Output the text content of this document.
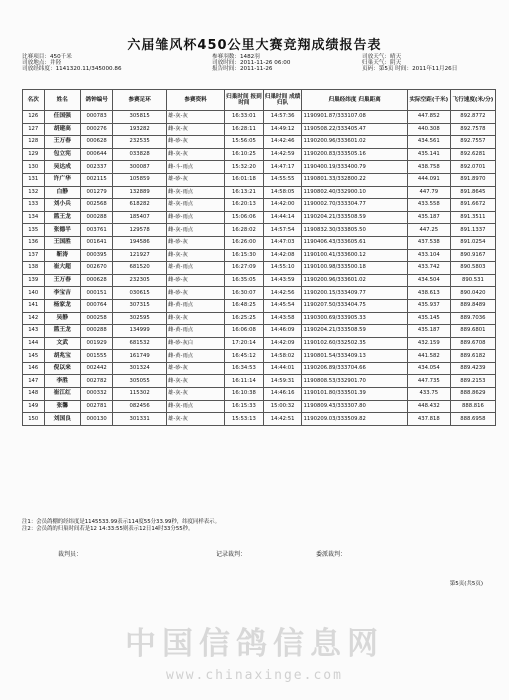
六届雏风杯450公里大赛竞翔成绩报告表
比赛项目：450千米	参赛羽数：1482羽	司放天气：晴天
司放地点：井陉	司放时间：2011-11-26 06:00	归巢天气：阴天
司放经纬度：1141320.11/345000.86	报告时间：2011-11-26	页码：第5页 时间：2011年11月26日
名次	姓名	鸽钟编号	参赛足环	参赛资料	归巢时间 报到时间	归巢时间 成绩归队	归巢经纬度 归巢距离	实际空距(千米)	飞行速度(米/分)
126	任国强	000783	305815	雄-灰-灰	16:33:01	14:57:36	1190901.87/333107.08	447.852	892.8772
127	胡建高	000276	193282	雌-灰-灰	16:28:11	14:49:12	1190508.22/333405.47	440.308	892.7578
128	王万春	000628	232535	雌-砂-灰	15:56:05	14:42:46	1190200.96/333601.02	434.561	892.7557
129	包立宪	000644	033828	雌-灰-灰	16:10:25	14:42:59	1190200.83/333505.16	435.141	892.6281
130	吴达成	002337	300087	雌-斗-雨点	15:32:20	14:47:17	1190400.19/333400.79	438.758	892.0701
131	许广华	002115	105859	雄-砂-灰	16:01:18	14:55:55	1190801.33/332800.22	444.091	891.8970
132	白静	001279	132889	雌-灰-雨点	16:13:21	14:58:05	1190802.40/332900.10	447.79	891.8645
133	刘小兵	002568	618282	雄-灰-雨点	16:20:13	14:42:00	1190002.70/333304.77	433.558	891.6672
134	篮王龙	000288	185407	雌-砂-雨点	15:06:06	14:44:14	1190204.21/333508.59	435.187	891.3511
135	张德半	003761	129578	雌-灰-雨点	16:28:02	14:57:54	1190832.30/333805.50	447.25	891.1337
136	王国胜	001641	194586	雌-砂-灰	16:26:00	14:47:03	1190406.43/333605.61	437.538	891.0254
137	靳涛	000395	121927	雌-灰-灰	16:15:30	14:42:08	1190100.41/333600.12	433.104	890.9167
138	崔大超	002670	681520	雄-黄-雨点	16:27:09	14:55:10	1190100.98/333500.18	433.742	890.5803
139	王万春	000628	232305	雌-砂-灰	16:35:05	14:43:59	1190200.96/333601.02	434.504	890.531
140	李宝吉	000151	030615	雌-砂-灰	16:30:07	14:42:56	1190200.15/333409.77	438.613	890.0420
141	杨家龙	000764	307315	雌-黄-雨点	16:48:25	14:45:54	1190207.50/333404.75	435.937	889.8489
142	吴静	000258	302595	雌-灰-灰	16:25:25	14:43:58	1190300.69/333905.33	435.145	889.7036
143	篮王龙	000288	134999	雌-黄-雨点	16:06:08	14:46:09	1190204.21/333508.59	435.187	889.6801
144	文武	001929	681532	雌-砂-灰白	17:20:14	14:42:09	1190102.60/332502.35	432.159	889.6708
145	胡兆宝	001555	161749	雌-黄-雨点	16:45:12	14:58:02	1190801.54/333409.13	441.582	889.6182
146	倪以来	002442	301324	雄-砂-灰	16:34:53	14:44:01	1190206.89/333704.66	434.054	889.4239
147	李胜	002782	305055	雌-灰-灰	16:11:14	14:59:31	1190808.53/332901.70	447.735	889.2153
148	崔江红	000332	115302	雄-灰-灰	16:10:38	14:46:16	1190101.80/333501.39	433.75	888.8629
149	张馨	002781	082456	雌-灰-雨点	16:15:33	15:00:32	1190809.43/333307.80	448.432	888.816
150	刘国良	000130	301331	雄-灰-灰	15:53:13	14:42:51	1190209.03/333509.82	437.818	888.6958
注1：会员鸽棚的经纬度是1145533.99表示114度55分33.99秒，纬度同样表示。
注2：会员鸽的归巢时间若是12 14:33:55则表示12日14时33分55秒。
裁判员：	记录裁判：	委派裁判：
第5页(共5页)
中国信鸽信息网
www.chinaxinge.com
